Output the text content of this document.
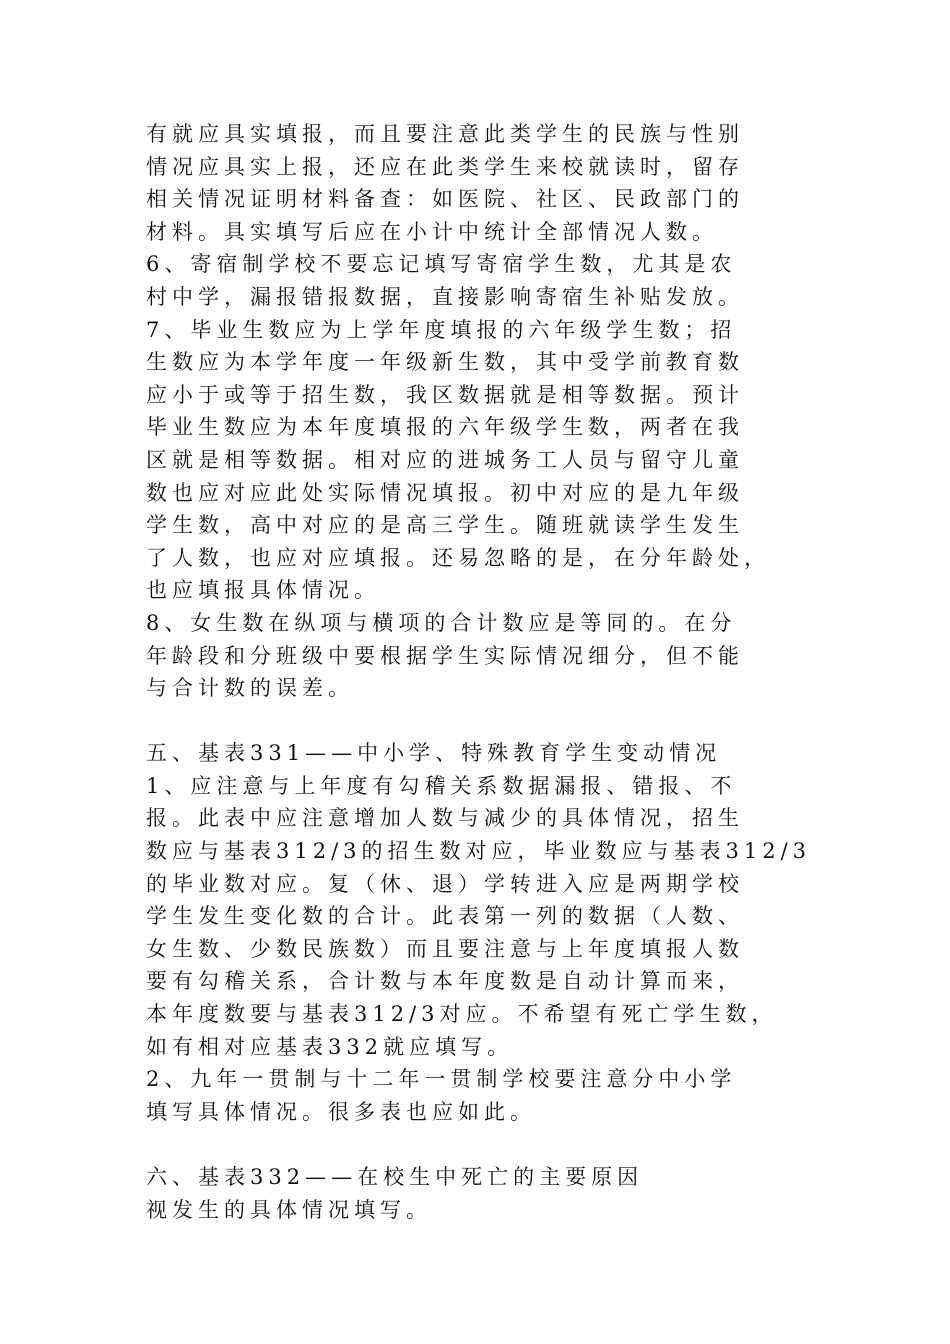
有就应具实填报，而且要注意此类学生的民族与性别
情况应具实上报，还应在此类学生来校就读时，留存
相关情况证明材料备查：如医院、社区、民政部门的
材料。具实填写后应在小计中统计全部情况人数。
6、寄宿制学校不要忘记填写寄宿学生数，尤其是农
村中学，漏报错报数据，直接影响寄宿生补贴发放。
7、毕业生数应为上学年度填报的六年级学生数；招
生数应为本学年度一年级新生数，其中受学前教育数
应小于或等于招生数，我区数据就是相等数据。预计
毕业生数应为本年度填报的六年级学生数，两者在我
区就是相等数据。相对应的进城务工人员与留守儿童
数也应对应此处实际情况填报。初中对应的是九年级
学生数，高中对应的是高三学生。随班就读学生发生
了人数，也应对应填报。还易忽略的是，在分年龄处，
也应填报具体情况。
8、女生数在纵项与横项的合计数应是等同的。在分
年龄段和分班级中要根据学生实际情况细分，但不能
与合计数的误差。
五、基表331——中小学、特殊教育学生变动情况
1、应注意与上年度有勾稽关系数据漏报、错报、不
报。此表中应注意增加人数与减少的具体情况，招生
数应与基表312/3的招生数对应，毕业数应与基表312/3
的毕业数对应。复（休、退）学转进入应是两期学校
学生发生变化数的合计。此表第一列的数据（人数、
女生数、少数民族数）而且要注意与上年度填报人数
要有勾稽关系，合计数与本年度数是自动计算而来，
本年度数要与基表312/3对应。不希望有死亡学生数，
如有相对应基表332就应填写。
2、九年一贯制与十二年一贯制学校要注意分中小学
填写具体情况。很多表也应如此。
六、基表332——在校生中死亡的主要原因
视发生的具体情况填写。
